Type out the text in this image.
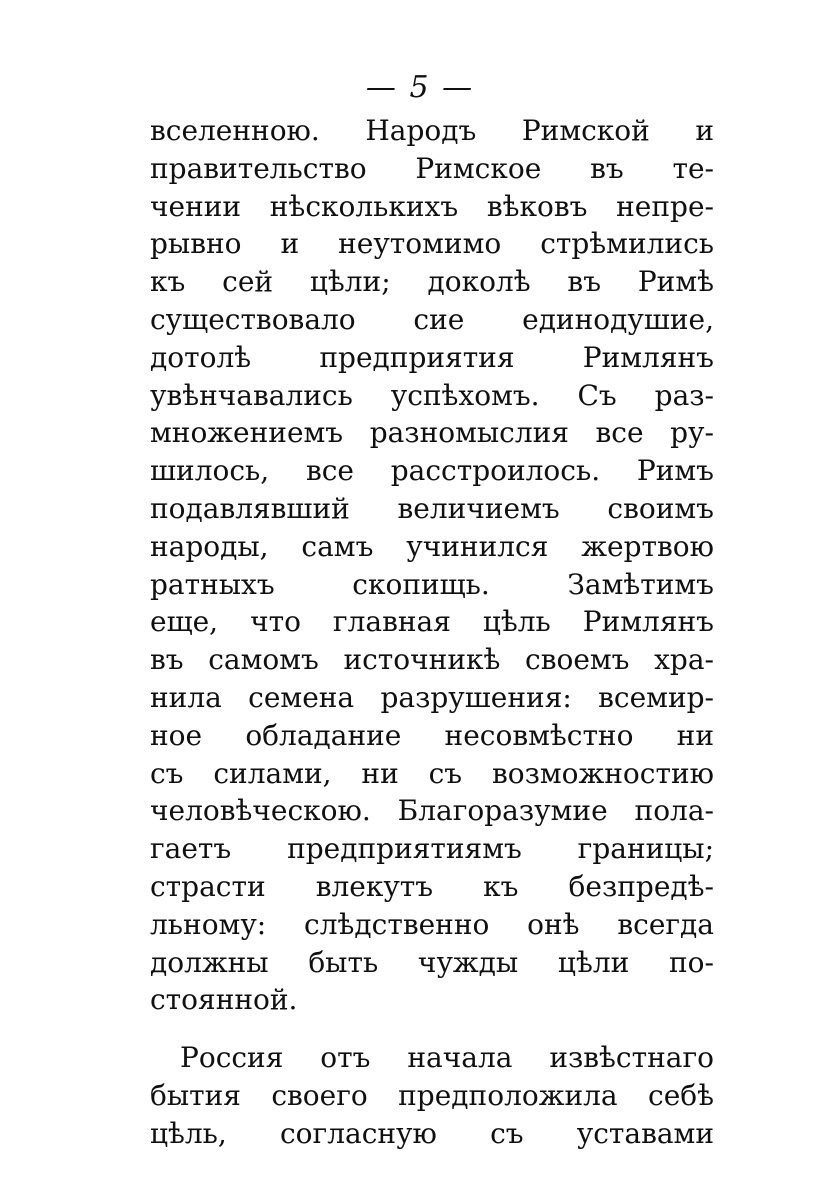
— 5 —
вселенною. Народъ Римской и
правительство Римское въ те-
чении нѣсколькихъ вѣковъ непре-
рывно и неутомимо стрѣмились
къ сей цѣли; доколѣ въ Римѣ
существовало сие единодушие,
дотолѣ предприятия Римлянъ
увѣнчавались успѣхомъ. Съ раз-
множениемъ разномыслия все ру-
шилось, все расстроилось. Римъ
подавлявший величиемъ своимъ
народы, самъ учинился жертвою
ратныхъ скопищь. Замѣтимъ
еще, что главная цѣль Римлянъ
въ самомъ источникѣ своемъ хра-
нила семена разрушения: всемир-
ное обладание несовмѣстно ни
съ силами, ни съ возможностию
человѣческою. Благоразумие пола-
гаетъ предприятиямъ границы;
страсти влекутъ къ безпредѣ-
льному: слѣдственно онѣ всегда
должны быть чужды цѣли по-
стоянной.
Россия отъ начала извѣстнаго
бытия своего предположила себѣ
цѣль, согласную съ уставами
